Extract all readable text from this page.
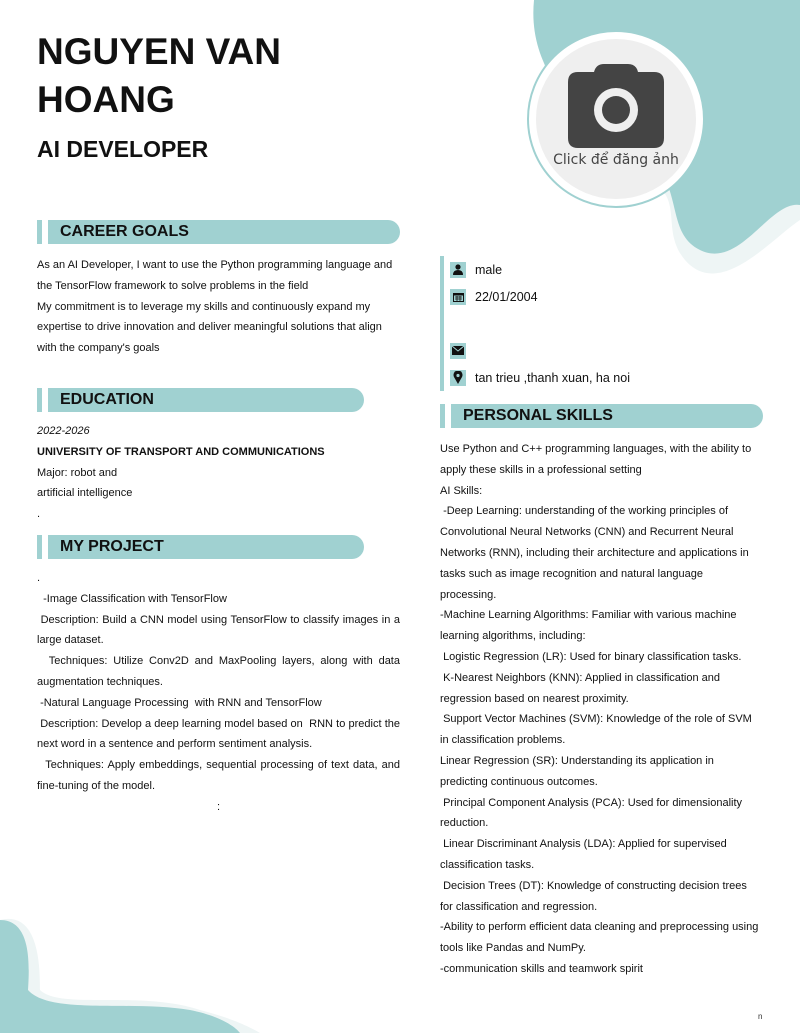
NGUYEN VAN HOANG
AI DEVELOPER	Click để đăng ảnh
CAREER GOALS
As an AI Developer, I want to use the Python programming language and the TensorFlow framework to solve problems in the field
My commitment is to leverage my skills and continuously expand my expertise to drive innovation and deliver meaningful solutions that align with the company's goals
EDUCATION
2022-2026
UNIVERSITY OF TRANSPORT AND COMMUNICATIONS
Major: robot and
artificial intelligence
.
MY PROJECT
.
-Image Classification with TensorFlow
Description: Build a CNN model using TensorFlow to classify images in a large dataset.
Techniques: Utilize Conv2D and MaxPooling layers, along with data augmentation techniques.
-Natural Language Processing  with RNN and TensorFlow
Description: Develop a deep learning model based on  RNN to predict the next word in a sentence and perform sentiment analysis.
Techniques: Apply embeddings, sequential processing of text data, and fine-tuning of the model.
:
male
22/01/2004
tan trieu ,thanh xuan, ha noi
PERSONAL SKILLS
Use Python and C++ programming languages, with the ability to apply these skills in a professional setting
AI Skills:
-Deep Learning: understanding of the working principles of Convolutional Neural Networks (CNN) and Recurrent Neural Networks (RNN), including their architecture and applications in tasks such as image recognition and natural language processing.
-Machine Learning Algorithms: Familiar with various machine learning algorithms, including:
Logistic Regression (LR): Used for binary classification tasks.
K-Nearest Neighbors (KNN): Applied in classification and regression based on nearest proximity.
Support Vector Machines (SVM): Knowledge of the role of SVM in classification problems.
Linear Regression (SR): Understanding its application in predicting continuous outcomes.
Principal Component Analysis (PCA): Used for dimensionality reduction.
Linear Discriminant Analysis (LDA): Applied for supervised classification tasks.
Decision Trees (DT): Knowledge of constructing decision trees for classification and regression.
-Ability to perform efficient data cleaning and preprocessing using tools like Pandas and NumPy.
-communication skills and teamwork spirit
n
